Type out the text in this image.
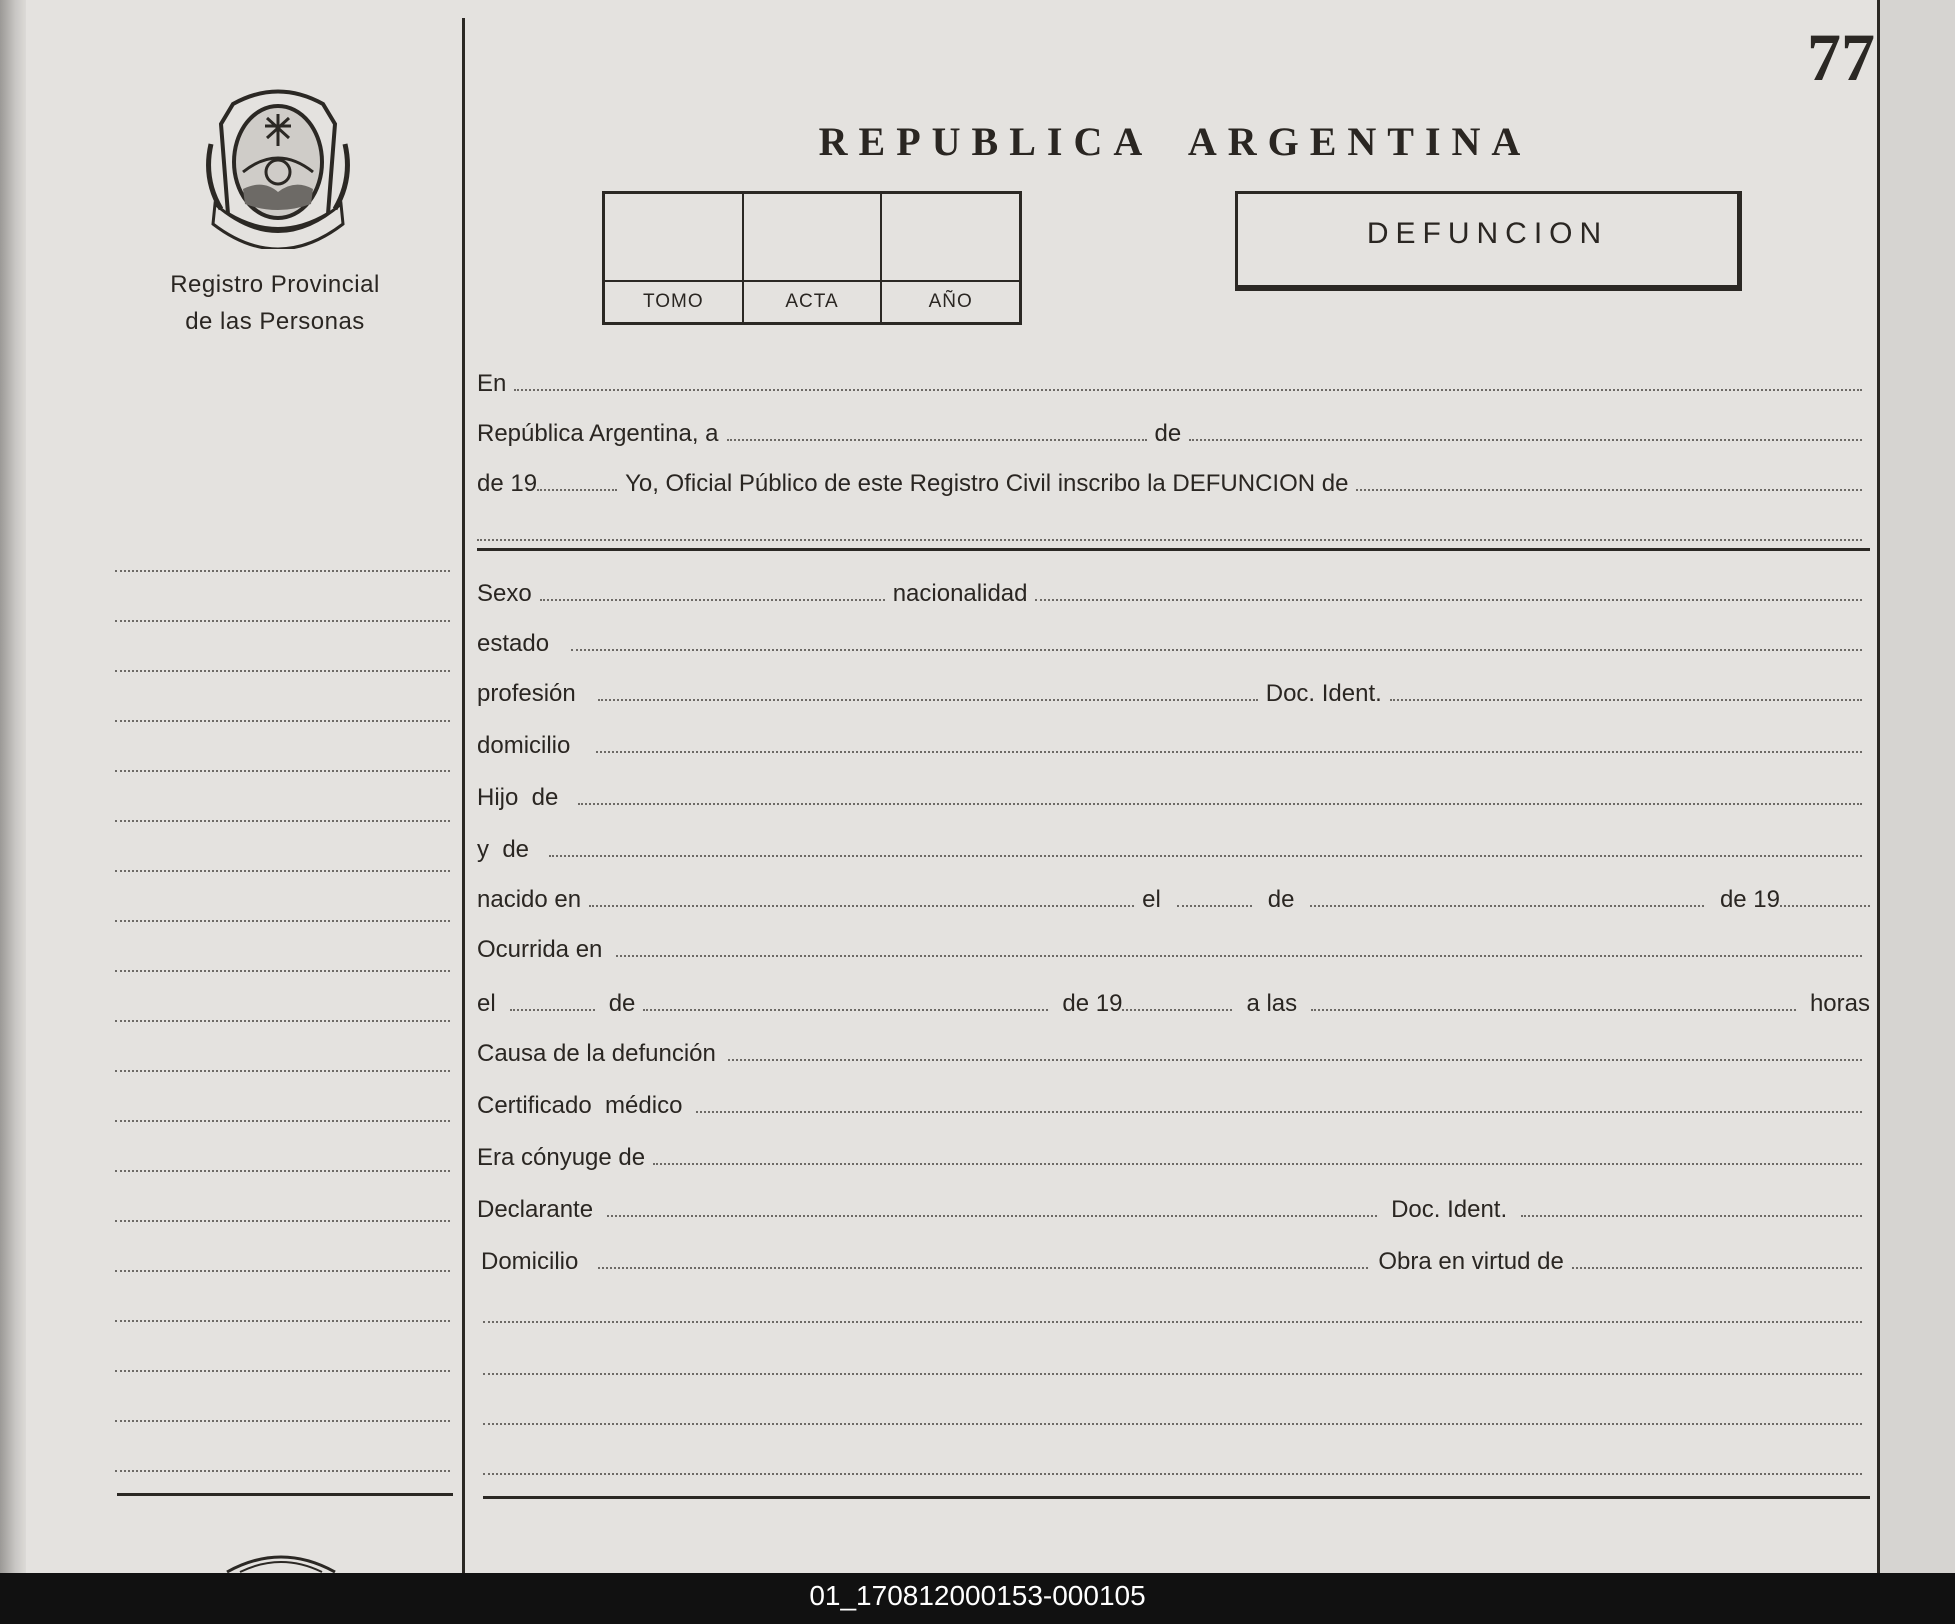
77
Registro Provincial
de las Personas
REPUBLICA ARGENTINA
TOMO	ACTA	AÑO
DEFUNCION
En
República Argentina, a	de
de 19	Yo, Oficial Público de este Registro Civil inscribo la DEFUNCION de
Sexo	nacionalidad
estado
profesión	Doc. Ident.
domicilio
Hijo  de
y  de
nacido en	el	de	de 19
Ocurrida en
el	de	de 19	a las	horas
Causa de la defunción
Certificado  médico
Era cónyuge de
Declarante	Doc. Ident.
Domicilio	Obra en virtud de
01_170812000153-000105
